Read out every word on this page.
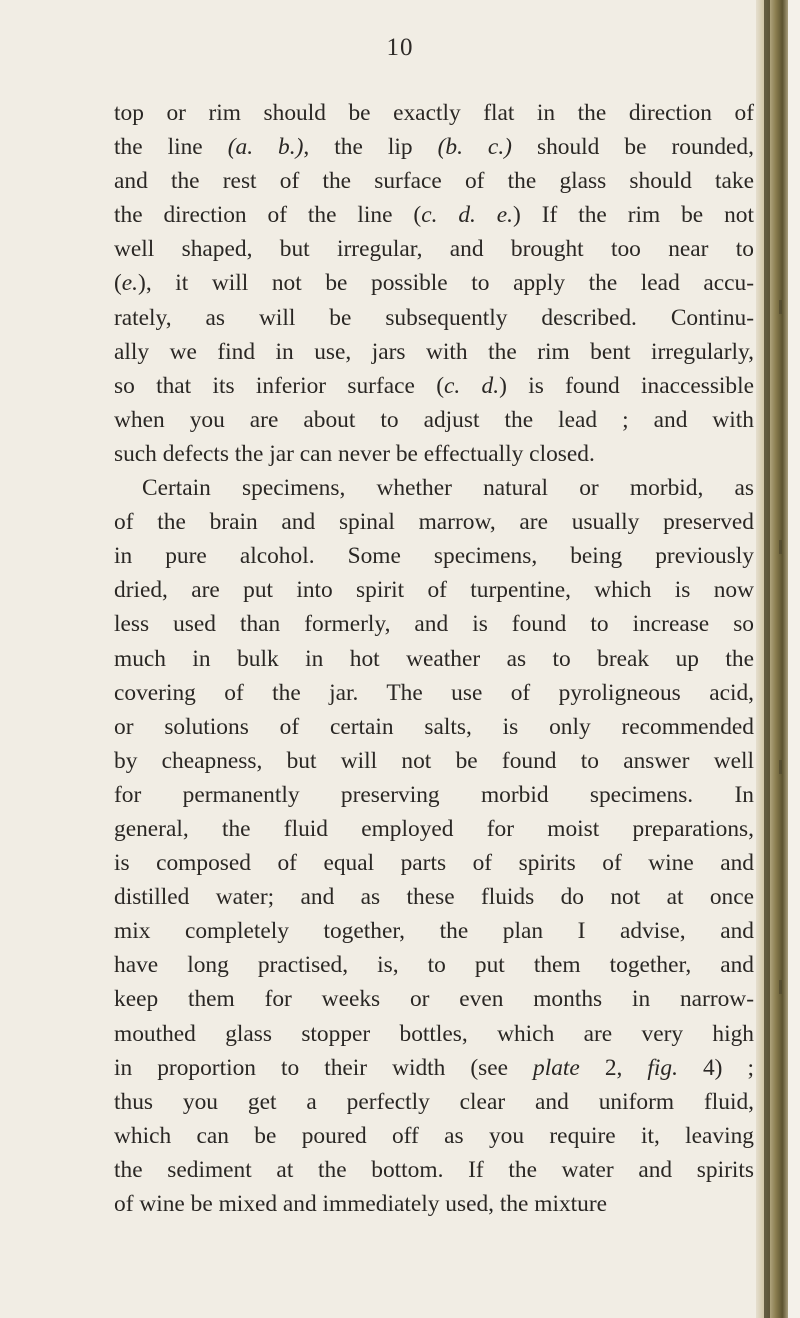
10
top or rim should be exactly flat in the direction of
the line (a. b.), the lip (b. c.) should be rounded,
and the rest of the surface of the glass should take
the direction of the line (c. d. e.) If the rim be not
well shaped, but irregular, and brought too near to
(e.), it will not be possible to apply the lead accu-
rately, as will be subsequently described. Continu-
ally we find in use, jars with the rim bent irregularly,
so that its inferior surface (c. d.) is found inaccessible
when you are about to adjust the lead ; and with
such defects the jar can never be effectually closed.
Certain specimens, whether natural or morbid, as
of the brain and spinal marrow, are usually preserved
in pure alcohol. Some specimens, being previously
dried, are put into spirit of turpentine, which is now
less used than formerly, and is found to increase so
much in bulk in hot weather as to break up the
covering of the jar. The use of pyroligneous acid,
or solutions of certain salts, is only recommended
by cheapness, but will not be found to answer well
for permanently preserving morbid specimens. In
general, the fluid employed for moist preparations,
is composed of equal parts of spirits of wine and
distilled water; and as these fluids do not at once
mix completely together, the plan I advise, and
have long practised, is, to put them together, and
keep them for weeks or even months in narrow-
mouthed glass stopper bottles, which are very high
in proportion to their width (see plate 2, fig. 4) ;
thus you get a perfectly clear and uniform fluid,
which can be poured off as you require it, leaving
the sediment at the bottom. If the water and spirits
of wine be mixed and immediately used, the mixture
